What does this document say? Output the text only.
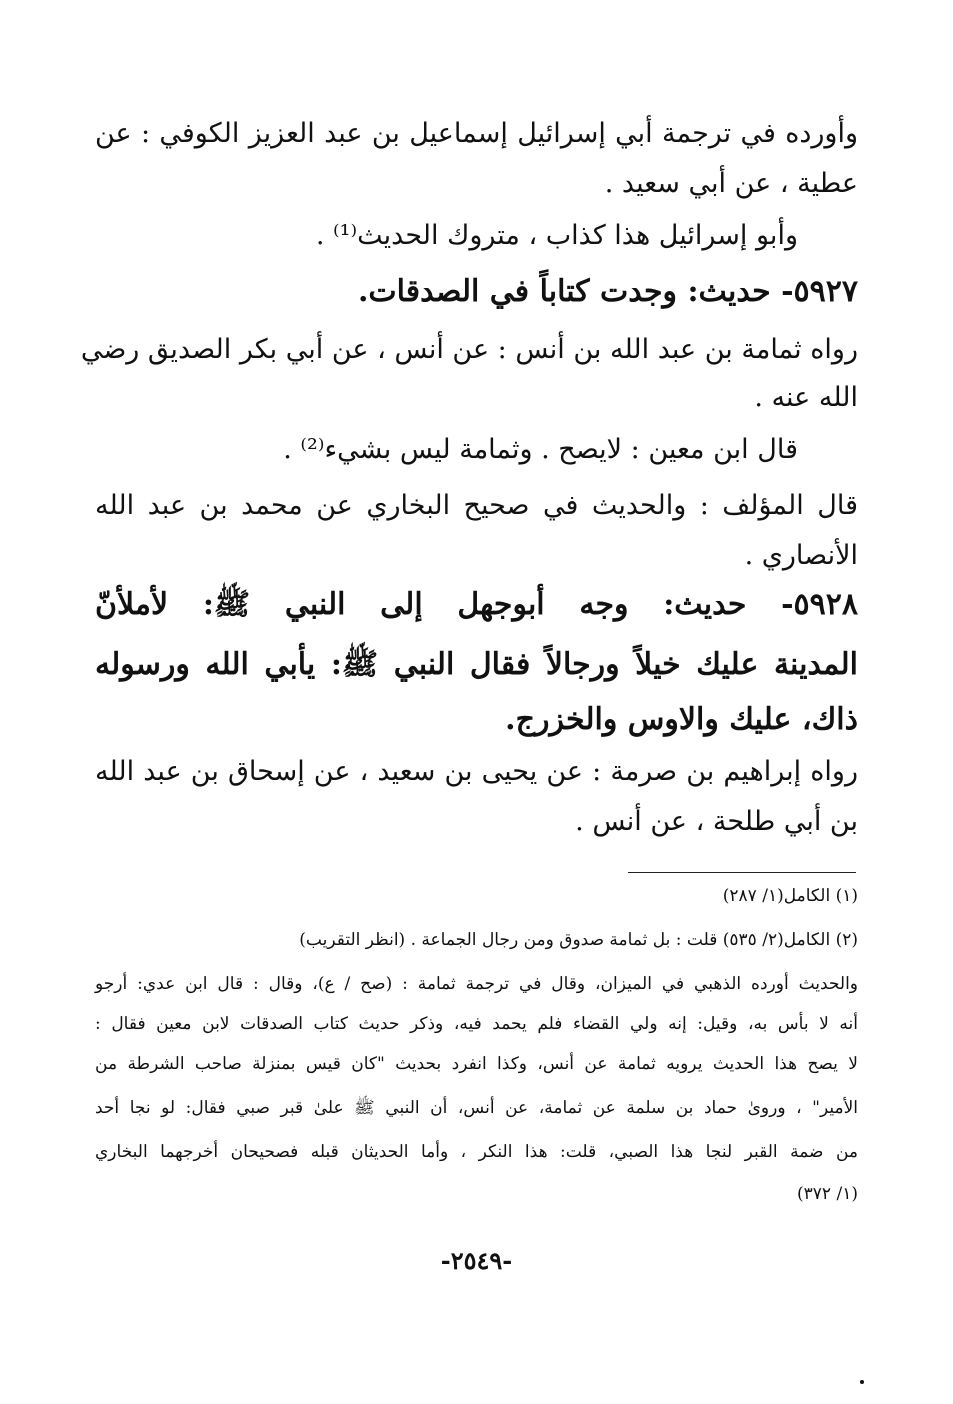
وأورده في ترجمة أبي إسرائيل إسماعيل بن عبد العزيز الكوفي : عن
عطية ، عن أبي سعيد .
وأبو إسرائيل هذا كذاب ، متروك الحديث⁽¹⁾ .
٥٩٢٧- حديث: وجدت كتاباً في الصدقات.
رواه ثمامة بن عبد الله بن أنس : عن أنس ، عن أبي بكر الصديق رضي
الله عنه .
قال ابن معين : لايصح . وثمامة ليس بشيء⁽²⁾ .
قال المؤلف : والحديث في صحيح البخاري عن محمد بن عبد الله
الأنصاري .
٥٩٢٨- حديث: وجه أبوجهل إلى النبي ﷺ: لأملأنّ
المدينة عليك خيلاً ورجالاً فقال النبي ﷺ: يأبي الله ورسوله
ذاك، عليك والاوس والخزرج.
رواه إبراهيم بن صرمة : عن يحيى بن سعيد ، عن إسحاق بن عبد الله
بن أبي طلحة ، عن أنس .
(١) الكامل(١/ ٢٨٧)
(٢) الكامل(٢/ ٥٣٥) قلت : بل ثمامة صدوق ومن رجال الجماعة . (انظر التقريب)
والحديث أورده الذهبي في الميزان، وقال في ترجمة ثمامة : (صح / ع)، وقال : قال ابن عدي: أرجو
أنه لا بأس به، وقيل: إنه ولي القضاء فلم يحمد فيه، وذكر حديث كتاب الصدقات لابن معين فقال :
لا يصح هذا الحديث يرويه ثمامة عن أنس، وكذا انفرد بحديث "كان قيس بمنزلة صاحب الشرطة من
الأمير" ، وروىٰ حماد بن سلمة عن ثمامة، عن أنس، أن النبي ﷺ علىٰ قبر صبي فقال: لو نجا أحد
من ضمة القبر لنجا هذا الصبي، قلت: هذا النكر ، وأما الحديثان قبله فصحيحان أخرجهما البخاري
(١/ ٣٧٢)
-٢٥٤٩-
